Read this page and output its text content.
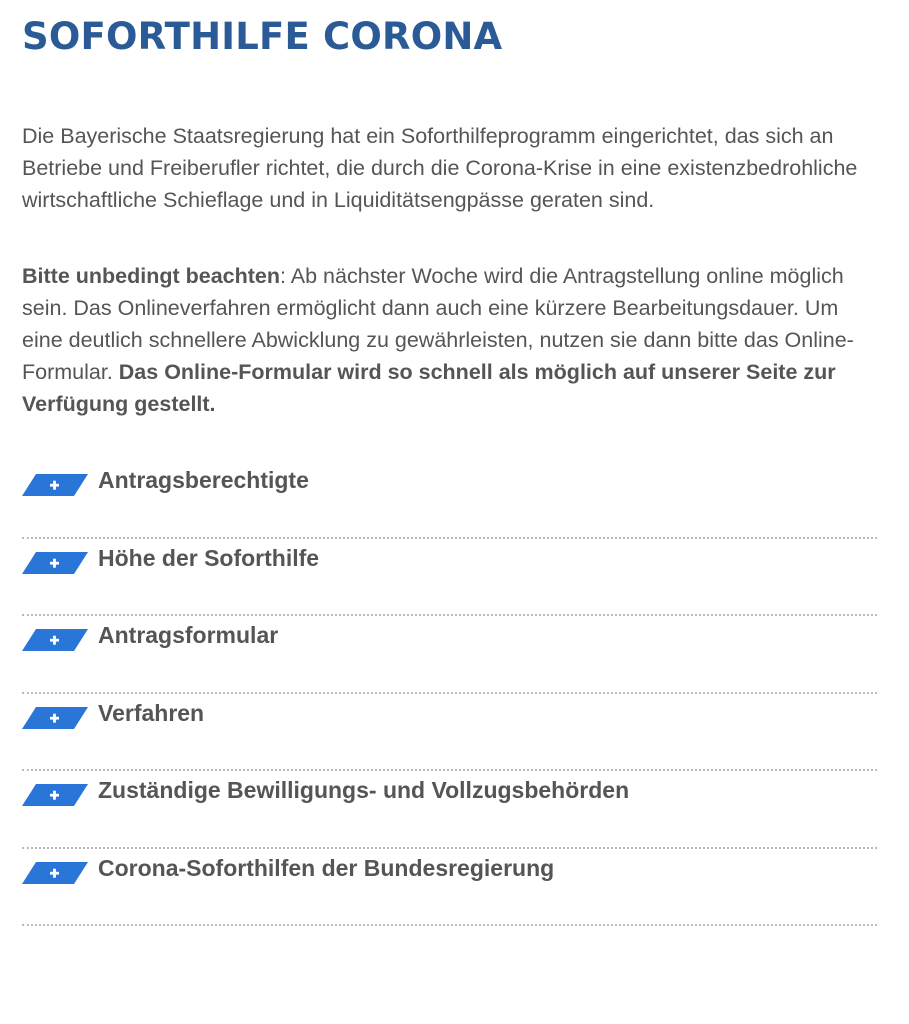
SOFORTHILFE CORONA

Die Bayerische Staatsregierung hat ein Soforthilfeprogramm eingerichtet, das sich an Betriebe und Freiberufler richtet, die durch die Corona-Krise in eine existenzbedrohliche wirtschaftliche Schieflage und in Liquiditätsengpässe geraten sind.

Bitte unbedingt beachten: Ab nächster Woche wird die Antragstellung online möglich sein. Das Onlineverfahren ermöglicht dann auch eine kürzere Bearbeitungsdauer. Um eine deutlich schnellere Abwicklung zu gewährleisten, nutzen sie dann bitte das Online-Formular. Das Online-Formular wird so schnell als möglich auf unserer Seite zur Verfügung gestellt.

Antragsberechtigte
Höhe der Soforthilfe
Antragsformular
Verfahren
Zuständige Bewilligungs- und Vollzugsbehörden
Corona-Soforthilfen der Bundesregierung
